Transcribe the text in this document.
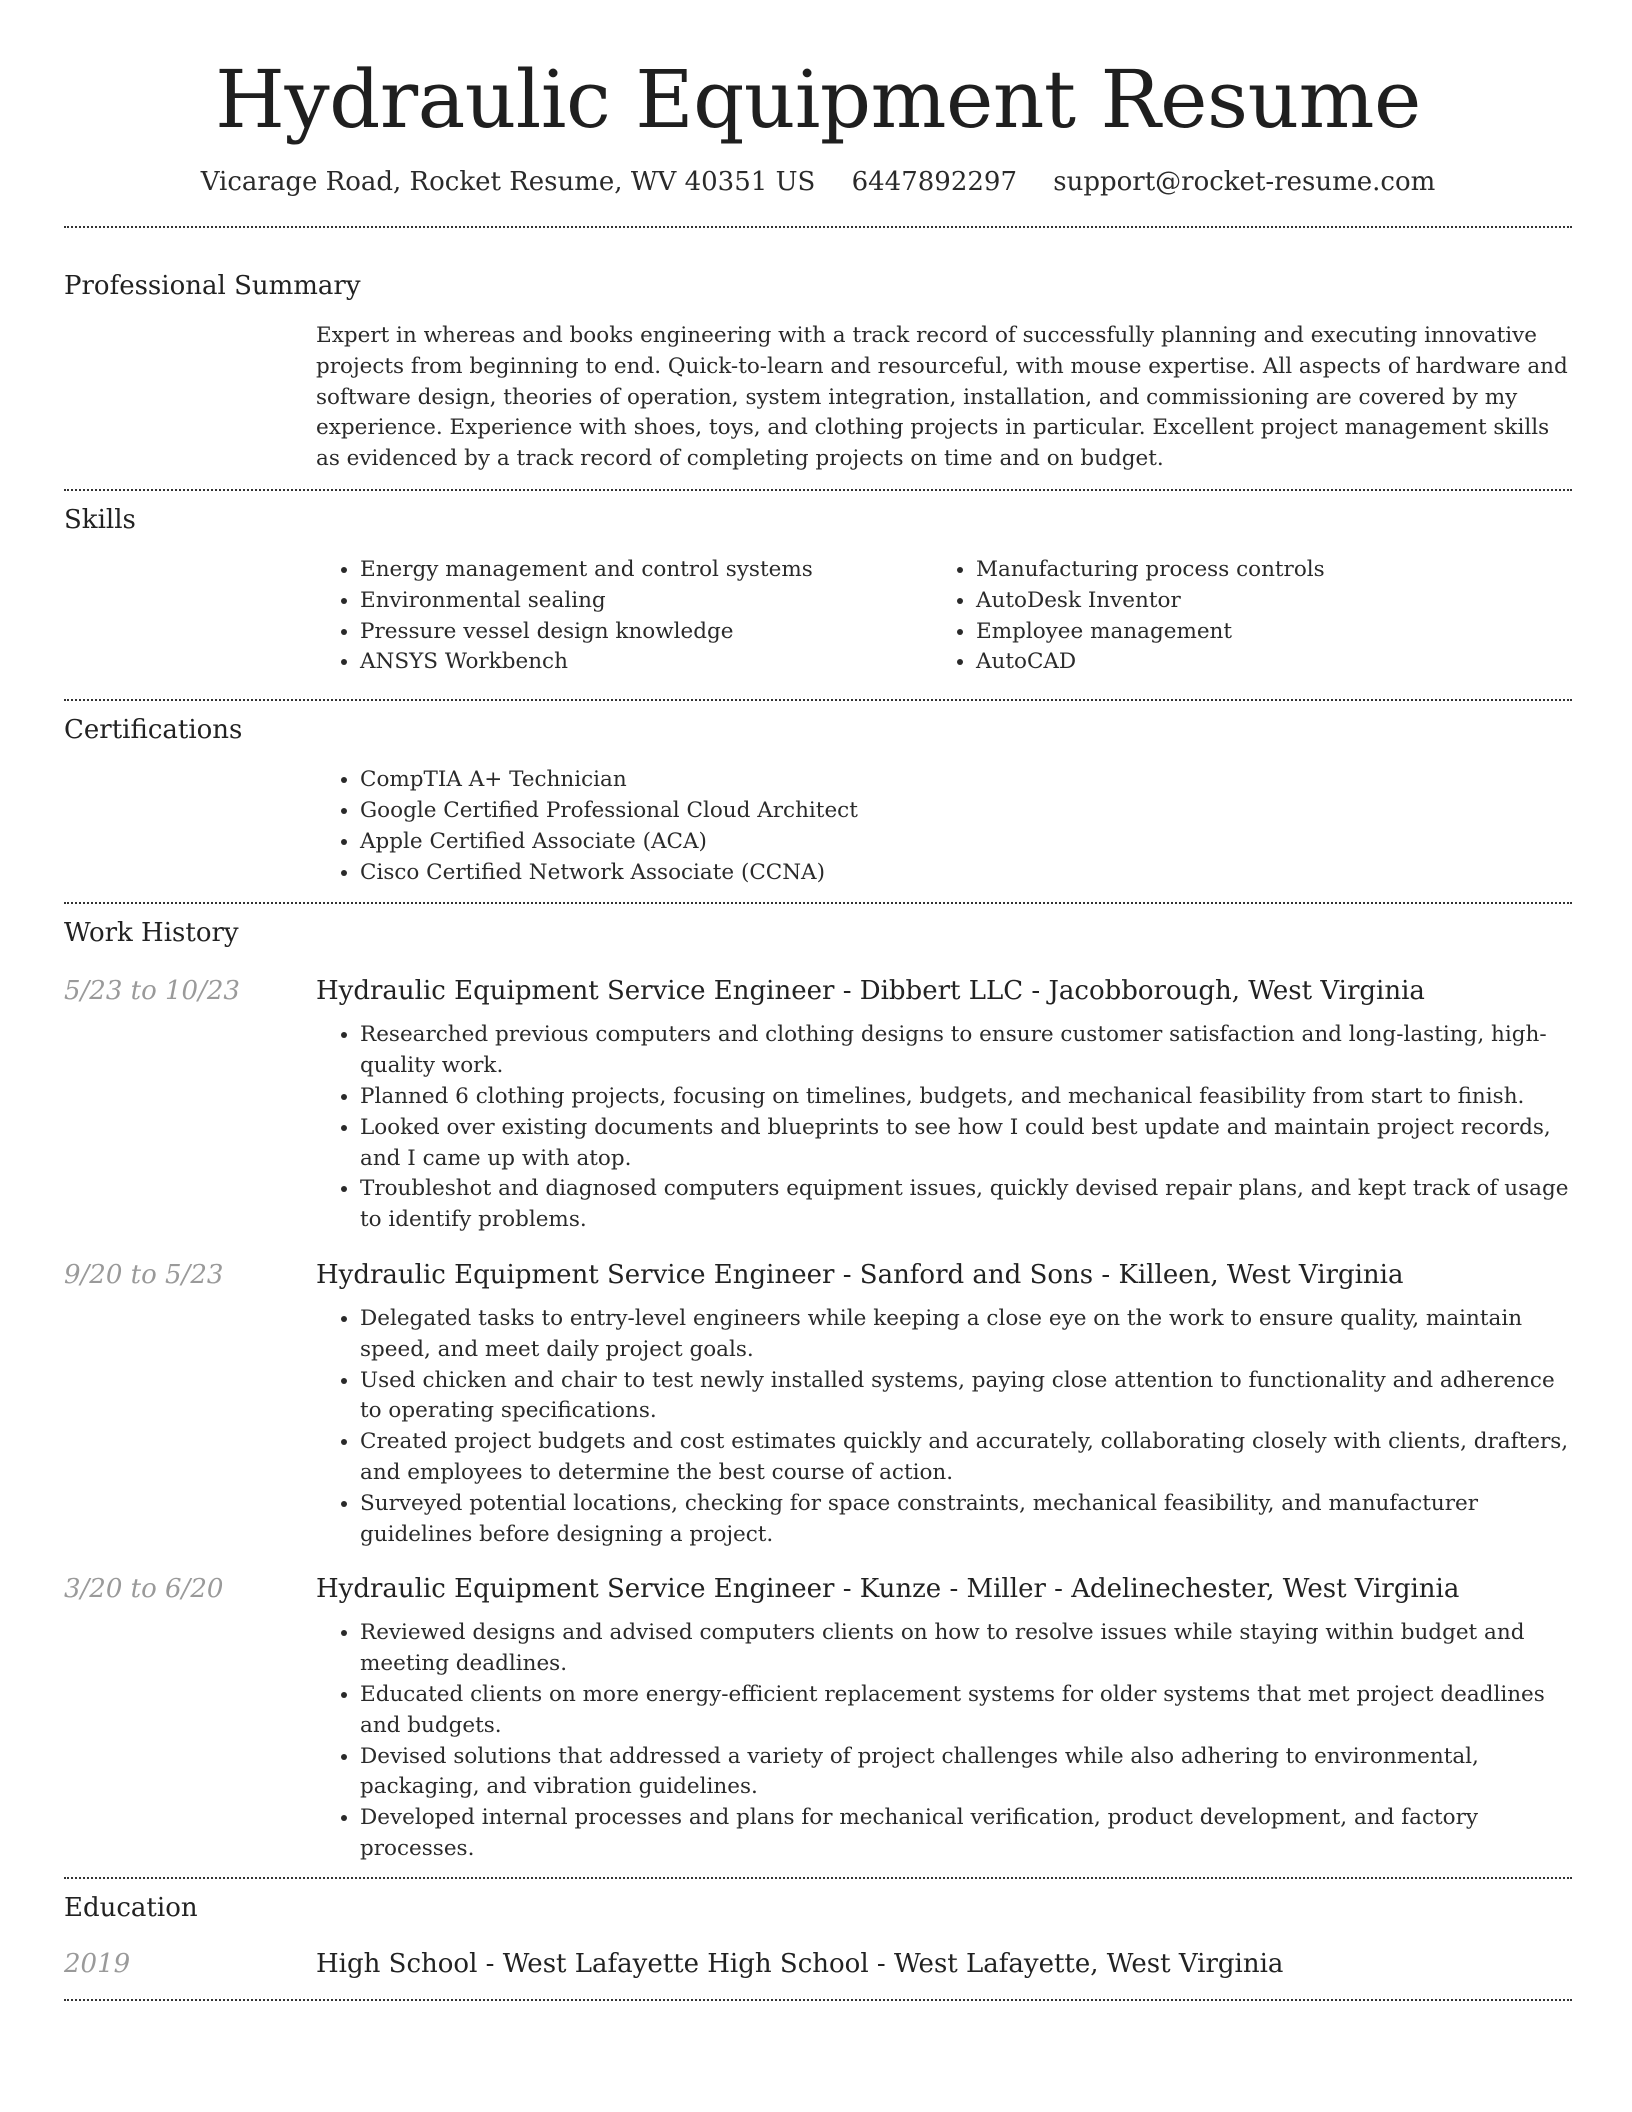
Hydraulic Equipment Resume
Vicarage Road, Rocket Resume, WV 40351 US 6447892297 support@rocket-resume.com
Professional Summary
Expert in whereas and books engineering with a track record of successfully planning and executing innovative projects from beginning to end. Quick-to-learn and resourceful, with mouse expertise. All aspects of hardware and software design, theories of operation, system integration, installation, and commissioning are covered by my experience. Experience with shoes, toys, and clothing projects in particular. Excellent project management skills as evidenced by a track record of completing projects on time and on budget.
Skills
• Energy management and control systems
• Environmental sealing
• Pressure vessel design knowledge
• ANSYS Workbench
• Manufacturing process controls
• AutoDesk Inventor
• Employee management
• AutoCAD
Certifications
• CompTIA A+ Technician
• Google Certified Professional Cloud Architect
• Apple Certified Associate (ACA)
• Cisco Certified Network Associate (CCNA)
Work History
5/23 to 10/23	Hydraulic Equipment Service Engineer - Dibbert LLC - Jacobborough, West Virginia
• Researched previous computers and clothing designs to ensure customer satisfaction and long-lasting, high-quality work.
• Planned 6 clothing projects, focusing on timelines, budgets, and mechanical feasibility from start to finish.
• Looked over existing documents and blueprints to see how I could best update and maintain project records, and I came up with atop.
• Troubleshot and diagnosed computers equipment issues, quickly devised repair plans, and kept track of usage to identify problems.
9/20 to 5/23	Hydraulic Equipment Service Engineer - Sanford and Sons - Killeen, West Virginia
• Delegated tasks to entry-level engineers while keeping a close eye on the work to ensure quality, maintain speed, and meet daily project goals.
• Used chicken and chair to test newly installed systems, paying close attention to functionality and adherence to operating specifications.
• Created project budgets and cost estimates quickly and accurately, collaborating closely with clients, drafters, and employees to determine the best course of action.
• Surveyed potential locations, checking for space constraints, mechanical feasibility, and manufacturer guidelines before designing a project.
3/20 to 6/20	Hydraulic Equipment Service Engineer - Kunze - Miller - Adelinechester, West Virginia
• Reviewed designs and advised computers clients on how to resolve issues while staying within budget and meeting deadlines.
• Educated clients on more energy-efficient replacement systems for older systems that met project deadlines and budgets.
• Devised solutions that addressed a variety of project challenges while also adhering to environmental, packaging, and vibration guidelines.
• Developed internal processes and plans for mechanical verification, product development, and factory processes.
Education
2019	High School - West Lafayette High School - West Lafayette, West Virginia
